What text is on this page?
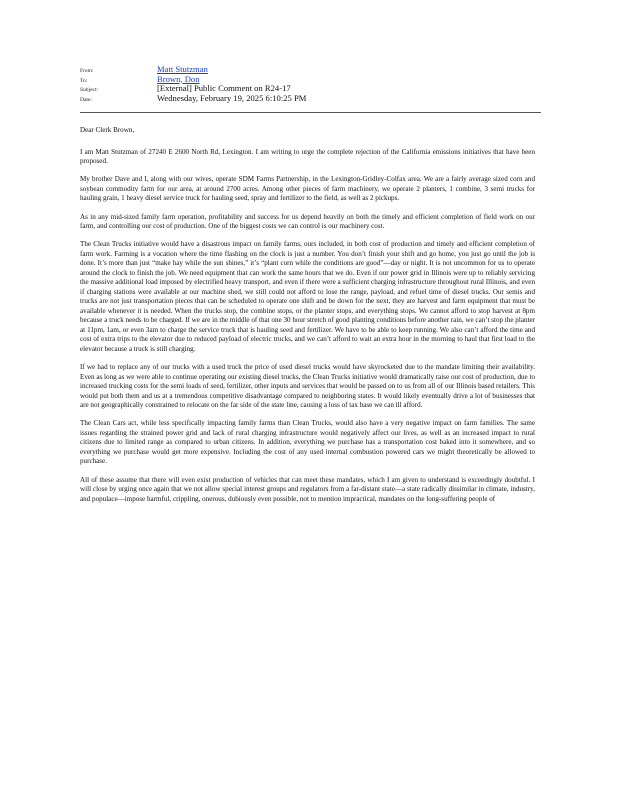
From:	Matt Stutzman
To:	Brown, Don
Subject:	[External] Public Comment on R24-17
Date:	Wednesday, February 19, 2025 6:10:25 PM

Dear Clerk Brown,

I am Matt Stutzman of 27240 E 2600 North Rd, Lexington. I am writing to urge the complete rejection of the California emissions initiatives that have been proposed.

My brother Dave and I, along with our wives, operate SDM Farms Partnership, in the Lexington-Gridley-Colfax area. We are a fairly average sized corn and soybean commodity farm for our area, at around 2700 acres. Among other pieces of farm machinery, we operate 2 planters, 1 combine, 3 semi trucks for hauling grain, 1 heavy diesel service truck for hauling seed, spray and fertilizer to the field, as well as 2 pickups.

As in any mid-sized family farm operation, profitability and success for us depend heavily on both the timely and efficient completion of field work on our farm, and controlling our cost of production. One of the biggest costs we can control is our machinery cost.

The Clean Trucks initiative would have a disastrous impact on family farms, ours included, in both cost of production and timely and efficient completion of farm work. Farming is a vocation where the time flashing on the clock is just a number. You don’t finish your shift and go home, you just go until the job is done. It’s more than just “make hay while the sun shines,” it’s “plant corn while the conditions are good”—day or night. It is not uncommon for us to operate around the clock to finish the job. We need equipment that can work the same hours that we do. Even if our power grid in Illinois were up to reliably servicing the massive additional load imposed by electrified heavy transport, and even if there were a sufficient charging infrastructure throughout rural Illinois, and even if charging stations were available at our machine shed, we still could not afford to lose the range, payload, and refuel time of diesel trucks. Our semis and trucks are not just transportation pieces that can be scheduled to operate one shift and be down for the next, they are harvest and farm equipment that must be available whenever it is needed. When the trucks stop, the combine stops, or the planter stops, and everything stops. We cannot afford to stop harvest at 8pm because a truck needs to be charged. If we are in the middle of that one 30 hour stretch of good planting conditions before another rain, we can’t stop the planter at 11pm, 1am, or even 3am to charge the service truck that is hauling seed and fertilizer. We have to be able to keep running. We also can’t afford the time and cost of extra trips to the elevator due to reduced payload of electric trucks, and we can’t afford to wait an extra hour in the morning to haul that first load to the elevator because a truck is still charging.

If we had to replace any of our trucks with a used truck the price of used diesel trucks would have skyrocketed due to the mandate limiting their availability. Even as long as we were able to continue operating our existing diesel trucks, the Clean Trucks initiative would dramatically raise our cost of production, due to increased trucking costs for the semi loads of seed, fertilizer, other inputs and services that would be passed on to us from all of our Illinois based retailers. This would put both them and us at a tremendous competitive disadvantage compared to neighboring states. It would likely eventually drive a lot of businesses that are not geographically constrained to relocate on the far side of the state line, causing a loss of tax base we can ill afford.

The Clean Cars act, while less specifically impacting family farms than Clean Trucks, would also have a very negative impact on farm families. The same issues regarding the strained power grid and lack of rural charging infrastructure would negatively affect our lives, as well as an increased impact to rural citizens due to limited range as compared to urban citizens. In addition, everything we purchase has a transportation cost baked into it somewhere, and so everything we purchase would get more expensive. Including the cost of any used internal combustion powered cars we might theoretically be allowed to purchase.

All of these assume that there will even exist production of vehicles that can meet these mandates, which I am given to understand is exceedingly doubtful. I will close by urging once again that we not allow special interest groups and regulators from a far-distant state—a state radically dissimilar in climate, industry, and populace—impose harmful, crippling, onerous, dubiously even possible, not to mention impractical, mandates on the long-suffering people of
